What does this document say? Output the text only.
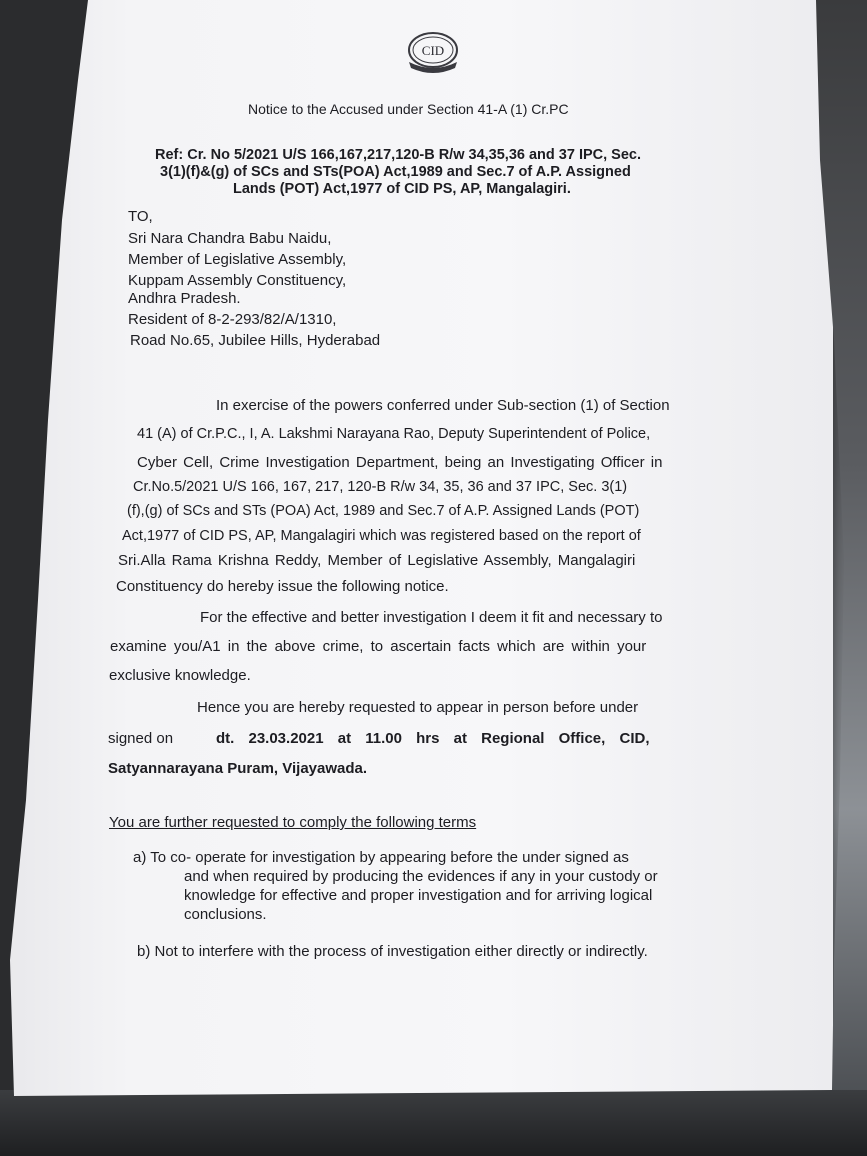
CID
Notice to the Accused under Section 41-A (1) Cr.PC
Ref: Cr. No 5/2021 U/S 166,167,217,120-B R/w 34,35,36 and 37 IPC, Sec.
3(1)(f)&(g) of SCs and STs(POA) Act,1989 and Sec.7 of A.P. Assigned
Lands (POT) Act,1977 of CID PS, AP, Mangalagiri.
TO,
Sri Nara Chandra Babu Naidu,
Member of Legislative Assembly,
Kuppam Assembly Constituency,
Andhra Pradesh.
Resident of 8-2-293/82/A/1310,
Road No.65, Jubilee Hills, Hyderabad
In exercise of the powers conferred under Sub-section (1) of Section
41 (A) of Cr.P.C., I, A. Lakshmi Narayana Rao, Deputy Superintendent of Police,
Cyber Cell, Crime Investigation Department, being an Investigating Officer in
Cr.No.5/2021 U/S 166, 167, 217, 120-B R/w 34, 35, 36 and 37 IPC, Sec. 3(1)
(f),(g) of SCs and STs (POA) Act, 1989 and Sec.7 of A.P. Assigned Lands (POT)
Act,1977 of CID PS, AP, Mangalagiri which was registered based on the report of
Sri.Alla Rama Krishna Reddy, Member of Legislative Assembly, Mangalagiri
Constituency do hereby issue the following notice.
For the effective and better investigation I deem it fit and necessary to
examine you/A1 in the above crime, to ascertain facts which are within your
exclusive knowledge.
Hence you are hereby requested to appear in person before under
signed on	dt. 23.03.2021 at 11.00 hrs at Regional Office, CID,
Satyannarayana Puram, Vijayawada.
You are further requested to comply the following terms
a) To co- operate for investigation by appearing before the under signed as
and when required by producing the evidences if any in your custody or
knowledge for effective and proper investigation and for arriving logical
conclusions.
b) Not to interfere with the process of investigation either directly or indirectly.
